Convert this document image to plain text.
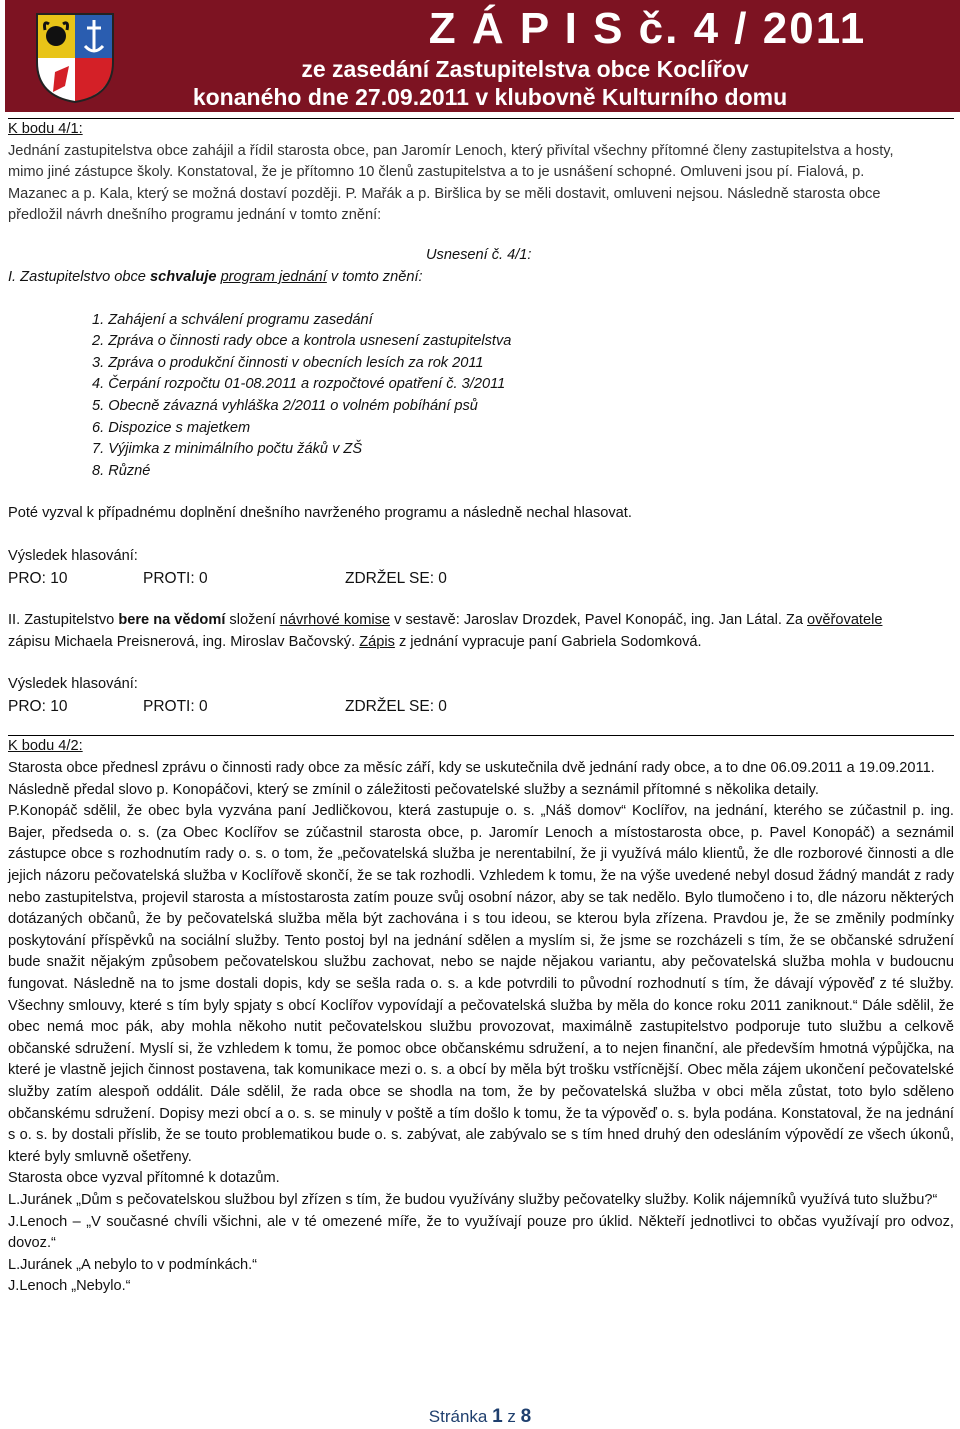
Z Á P I S č. 4 / 2011
ze zasedání Zastupitelstva obce Koclířov
konaného dne 27.09.2011 v klubovně Kulturního domu Koclířov

K bodu 4/1:

Jednání zastupitelstva obce zahájil a řídil starosta obce, pan Jaromír Lenoch, který přivítal všechny přítomné členy zastupitelstva a hosty,

mimo jiné zástupce školy. Konstatoval, že je přítomno 10 členů zastupitelstva a to je usnášení schopné. Omluveni jsou pí. Fialová, p.

Mazanec a p. Kala, který se možná dostaví později. P. Mařák a p. Biršlica by se měli dostavit, omluveni nejsou. Následně starosta obce

předložil návrh dnešního programu jednání v tomto znění:

Usnesení č. 4/1:

I. Zastupitelstvo obce schvaluje program jednání v tomto znění:

1. Zahájení a schválení programu zasedání

2. Zpráva o činnosti rady obce a kontrola usnesení zastupitelstva

3. Zpráva o produkční činnosti v obecních lesích za rok 2011

4. Čerpání rozpočtu 01-08.2011 a rozpočtové opatření č. 3/2011

5. Obecně závazná vyhláška 2/2011 o volném pobíhání psů

6. Dispozice s majetkem

7. Výjimka z minimálního počtu žáků v ZŠ

8. Různé

Poté vyzval k případnému doplnění dnešního navrženého programu a následně nechal hlasovat.

Výsledek hlasování:

PRO: 10	PROTI: 0	ZDRŽEL SE: 0

II. Zastupitelstvo bere na vědomí složení návrhové komise v sestavě: Jaroslav Drozdek, Pavel Konopáč, ing. Jan Látal. Za ověřovatele

zápisu Michaela Preisnerová, ing. Miroslav Bačovský. Zápis z jednání vypracuje paní Gabriela Sodomková.

Výsledek hlasování:

PRO: 10	PROTI: 0	ZDRŽEL SE: 0

K bodu 4/2:

Starosta obce přednesl zprávu o činnosti rady obce za měsíc září, kdy se uskutečnila dvě jednání rady obce, a to dne 06.09.2011 a 19.09.2011.

Následně předal slovo p. Konopáčovi, který se zmínil o záležitosti pečovatelské služby a seznámil přítomné s několika detaily.

P.Konopáč sdělil, že obec byla vyzvána paní Jedličkovou, která zastupuje o. s. „Náš domov“ Koclířov, na jednání, kterého se zúčastnil p. ing. Bajer, předseda o. s. (za Obec Koclířov se zúčastnil starosta obce, p. Jaromír Lenoch a místostarosta obce, p. Pavel Konopáč) a seznámil zástupce obce s rozhodnutím rady o. s. o tom, že „pečovatelská služba je nerentabilní, že ji využívá málo klientů, že dle rozborové činnosti a dle jejich názoru pečovatelská služba v Koclířově skončí, že se tak rozhodli. Vzhledem k tomu, že na výše uvedené nebyl dosud žádný mandát z rady nebo zastupitelstva, projevil starosta a místostarosta zatím pouze svůj osobní názor, aby se tak nedělo. Bylo tlumočeno i to, dle názoru některých dotázaných občanů, že by pečovatelská služba měla být zachována i s tou ideou, se kterou byla zřízena. Pravdou je, že se změnily podmínky poskytování příspěvků na sociální služby. Tento postoj byl na jednání sdělen a myslím si, že jsme se rozcházeli s tím, že se občanské sdružení bude snažit nějakým způsobem pečovatelskou službu zachovat, nebo se najde nějakou variantu, aby pečovatelská služba mohla v budoucnu fungovat. Následně na to jsme dostali dopis, kdy se sešla rada o. s. a kde potvrdili to původní rozhodnutí s tím, že dávají výpověď z té služby. Všechny smlouvy, které s tím byly spjaty s obcí Koclířov vypovídají a pečovatelská služba by měla do konce roku 2011 zaniknout.“ Dále sdělil, že obec nemá moc pák, aby mohla někoho nutit pečovatelskou službu provozovat, maximálně zastupitelstvo podporuje tuto službu a celkově občanské sdružení. Myslí si, že vzhledem k tomu, že pomoc obce občanskému sdružení, a to nejen finanční, ale především hmotná výpůjčka, na které je vlastně jejich činnost postavena, tak komunikace mezi o. s. a obcí by měla být trošku vstřícnější. Obec měla zájem ukončení pečovatelské služby zatím alespoň oddálit. Dále sdělil, že rada obce se shodla na tom, že by pečovatelská služba v obci měla zůstat, toto bylo sděleno občanskému sdružení. Dopisy mezi obcí a o. s. se minuly v poště a tím došlo k tomu, že ta výpověď o. s. byla podána. Konstatoval, že na jednání s o. s. by dostali příslib, že se touto problematikou bude o. s. zabývat, ale zabývalo se s tím hned druhý den odesláním výpovědí ze všech úkonů, které byly smluvně ošetřeny.

Starosta obce vyzval přítomné k dotazům.

L.Juránek „Dům s pečovatelskou službou byl zřízen s tím, že budou využívány služby pečovatelky služby. Kolik nájemníků využívá tuto službu?“

J.Lenoch – „V současné chvíli všichni, ale v té omezené míře, že to využívají pouze pro úklid. Někteří jednotlivci to občas využívají pro odvoz, dovoz.“

L.Juránek „A nebylo to v podmínkách.“

J.Lenoch „Nebylo.“

Stránka 1 z 8
